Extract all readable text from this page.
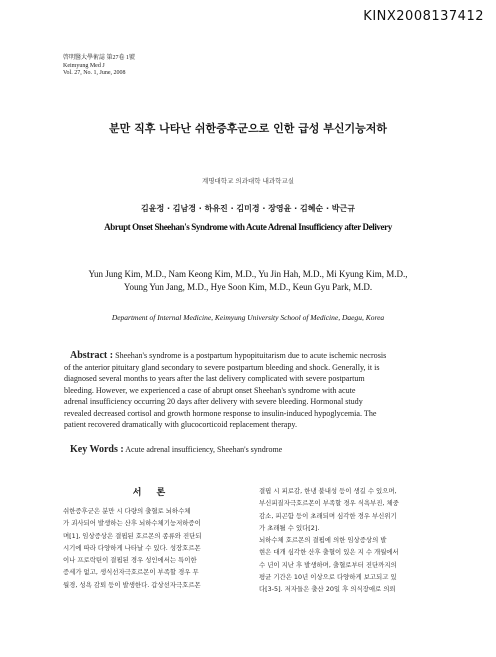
KINX2008137412
啓明醫大學術誌 第27卷 1號
Keimyung Med J
Vol. 27, No. 1, June, 2008
분만 직후 나타난 쉬한증후군으로 인한 급성 부신기능저하
계명대학교 의과대학 내과학교실
김윤정 · 김남경 · 하유진 · 김미경 · 장영윤 · 김혜순 · 박근규
Abrupt Onset Sheehan's Syndrome with Acute Adrenal Insufficiency after Delivery
Yun Jung Kim, M.D., Nam Keong Kim, M.D., Yu Jin Hah, M.D., Mi Kyung Kim, M.D.,
Young Yun Jang, M.D., Hye Soon Kim, M.D., Keun Gyu Park, M.D.
Department of Internal Medicine, Keimyung University School of Medicine, Daegu, Korea
Abstract : Sheehan's syndrome is a postpartum hypopituitarism due to acute ischemic necrosis
of the anterior pituitary gland secondary to severe postpartum bleeding and shock. Generally, it is
diagnosed several months to years after the last delivery complicated with severe postpartum
bleeding. However, we experienced a case of abrupt onset Sheehan's syndrome with acute
adrenal insufficiency occurring 20 days after delivery with severe bleeding. Hormonal study
revealed decreased cortisol and growth hormone response to insulin-induced hypoglycemia. The
patient recovered dramatically with glucocorticoid replacement therapy.
Key Words : Acute adrenal insufficiency, Sheehan's syndrome
서 론
쉬한증후군은 분만 시 다량의 출혈로 뇌하수체
가 괴사되어 발생하는 산후 뇌하수체기능저하증이
며[1], 임상증상은 결핍된 호르몬의 종류와 진단되
시기에 따라 다양하게 나타날 수 있다. 성장호르몬
이나 프로락틴이 결핍된 경우 성인에서는 특이한
증세가 없고, 생식선자극호르몬이 부족할 경우 무
월경, 성욕 감퇴 등이 발생한다. 갑상선자극호르몬
결핍 시 피로감, 한냉 불내성 등이 생길 수 있으며,
부신피질자극호르몬이 부족할 경우 식욕부진, 체중
감소, 피곤함 등이 초래되며 심각한 경우 부신위기
가 초래될 수 있다[2].
뇌하수체 호르몬의 결핍에 의한 임상증상의 발
현은 대개 심각한 산후 출혈이 있은 지 수 개월에서
수 년이 지난 후 발생하며, 출혈로부터 진단까지의
평균 기간은 10년 이상으로 다양하게 보고되고 있
다[3-5]. 저자들은 출산 20일 후 의식장애로 의뢰
